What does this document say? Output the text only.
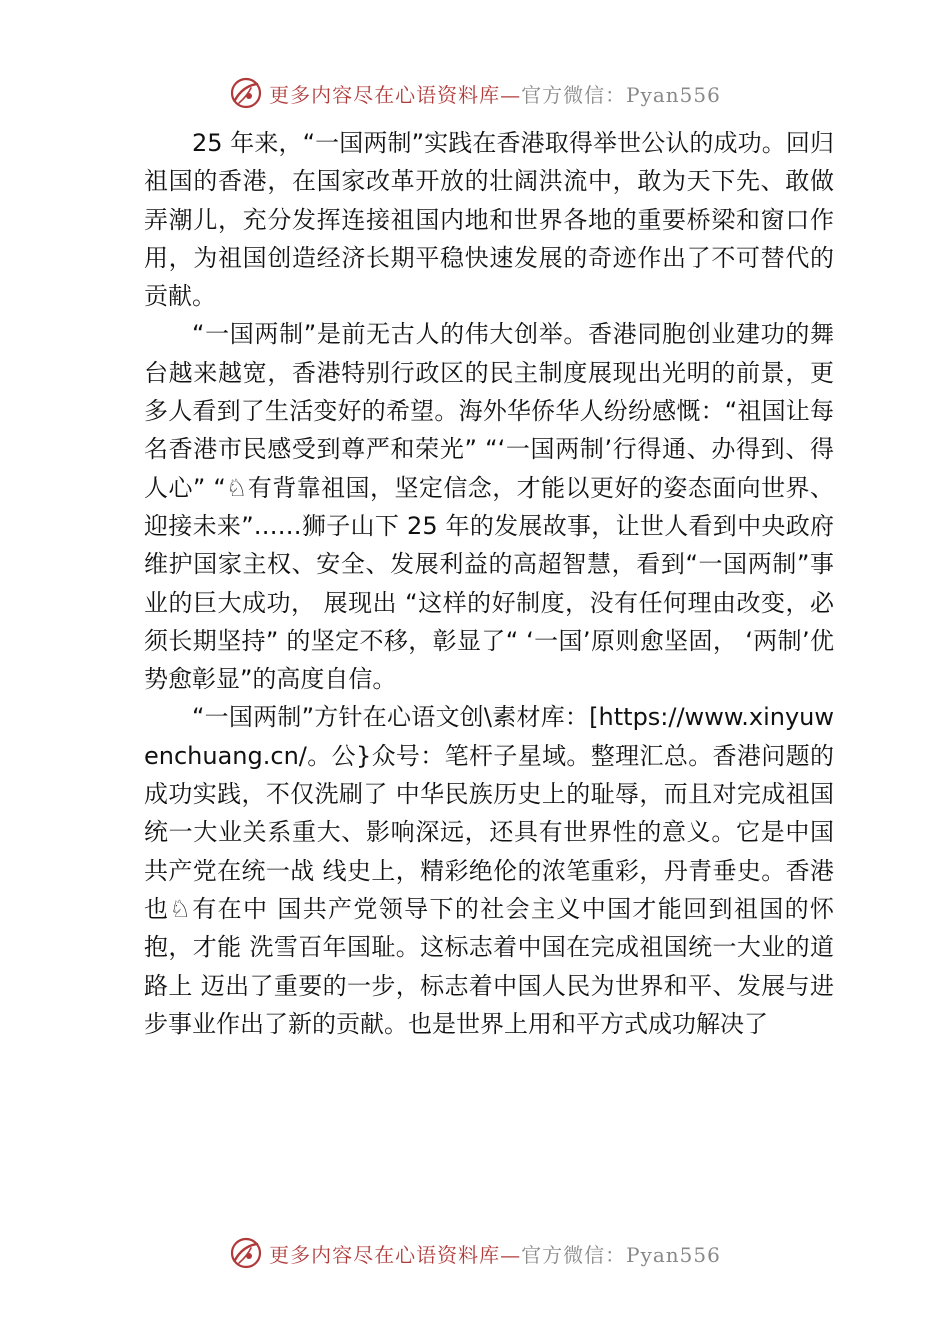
更多内容尽在心语资料库—官方微信：Pyan556

25 年来，“一国两制”实践在香港取得举世公认的成功。回归祖国的香港，在国家改革开放的壮阔洪流中，敢为天下先、敢做弄潮儿，充分发挥连接祖国内地和世界各地的重要桥梁和窗口作用，为祖国创造经济长期平稳快速发展的奇迹作出了不可替代的贡献。

“一国两制”是前无古人的伟大创举。香港同胞创业建功的舞台越来越宽，香港特别行政区的民主制度展现出光明的前景，更多人看到了生活变好的希望。海外华侨华人纷纷感慨：“祖国让每名香港市民感受到尊严和荣光” “‘一国两制’行得通、办得到、得人心” “♘有背靠祖国，坚定信念，才能以更好的姿态面向世界、迎接未来”……狮子山下 25 年的发展故事，让世人看到中央政府维护国家主权、安全、发展利益的高超智慧，看到“一国两制”事业的巨大成功， 展现出 “这样的好制度，没有任何理由改变，必须长期坚持” 的坚定不移，彰显了“ ‘一国’原则愈坚固， ‘两制’优势愈彰显”的高度自信。

“一国两制”方针在心语文创\素材库：[https://www.xinyuwenchuang.cn/。公}众号：笔杆子星域。整理汇总。香港问题的成功实践，不仅洗刷了 中华民族历史上的耻辱，而且对完成祖国统一大业关系重大、影响深远，还具有世界性的意义。它是中国共产党在统一战 线史上，精彩绝伦的浓笔重彩，丹青垂史。香港也♘有在中 国共产党领导下的社会主义中国才能回到祖国的怀抱，才能 洗雪百年国耻。这标志着中国在完成祖国统一大业的道路上 迈出了重要的一步，标志着中国人民为世界和平、发展与进 步事业作出了新的贡献。也是世界上用和平方式成功解决了

更多内容尽在心语资料库—官方微信：Pyan556
